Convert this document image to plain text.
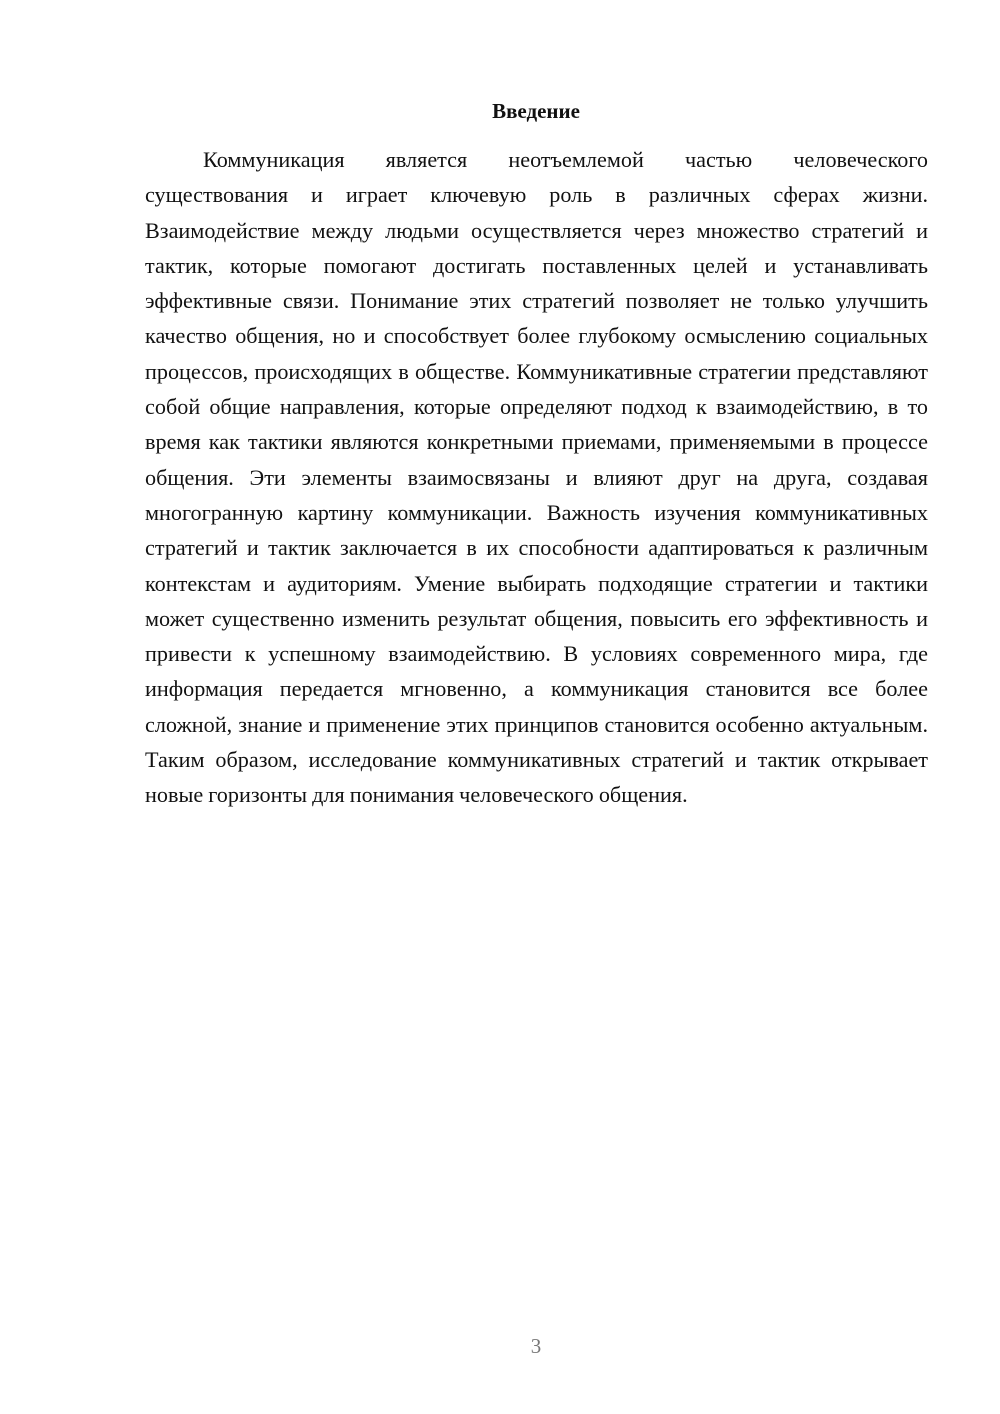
Введение

Коммуникация является неотъемлемой частью человеческого существования и играет ключевую роль в различных сферах жизни. Взаимодействие между людьми осуществляется через множество стратегий и тактик, которые помогают достигать поставленных целей и устанавливать эффективные связи. Понимание этих стратегий позволяет не только улучшить качество общения, но и способствует более глубокому осмыслению социальных процессов, происходящих в обществе. Коммуникативные стратегии представляют собой общие направления, которые определяют подход к взаимодействию, в то время как тактики являются конкретными приемами, применяемыми в процессе общения. Эти элементы взаимосвязаны и влияют друг на друга, создавая многогранную картину коммуникации. Важность изучения коммуникативных стратегий и тактик заключается в их способности адаптироваться к различным контекстам и аудиториям. Умение выбирать подходящие стратегии и тактики может существенно изменить результат общения, повысить его эффективность и привести к успешному взаимодействию. В условиях современного мира, где информация передается мгновенно, а коммуникация становится все более сложной, знание и применение этих принципов становится особенно актуальным. Таким образом, исследование коммуникативных стратегий и тактик открывает новые горизонты для понимания человеческого общения.

3
